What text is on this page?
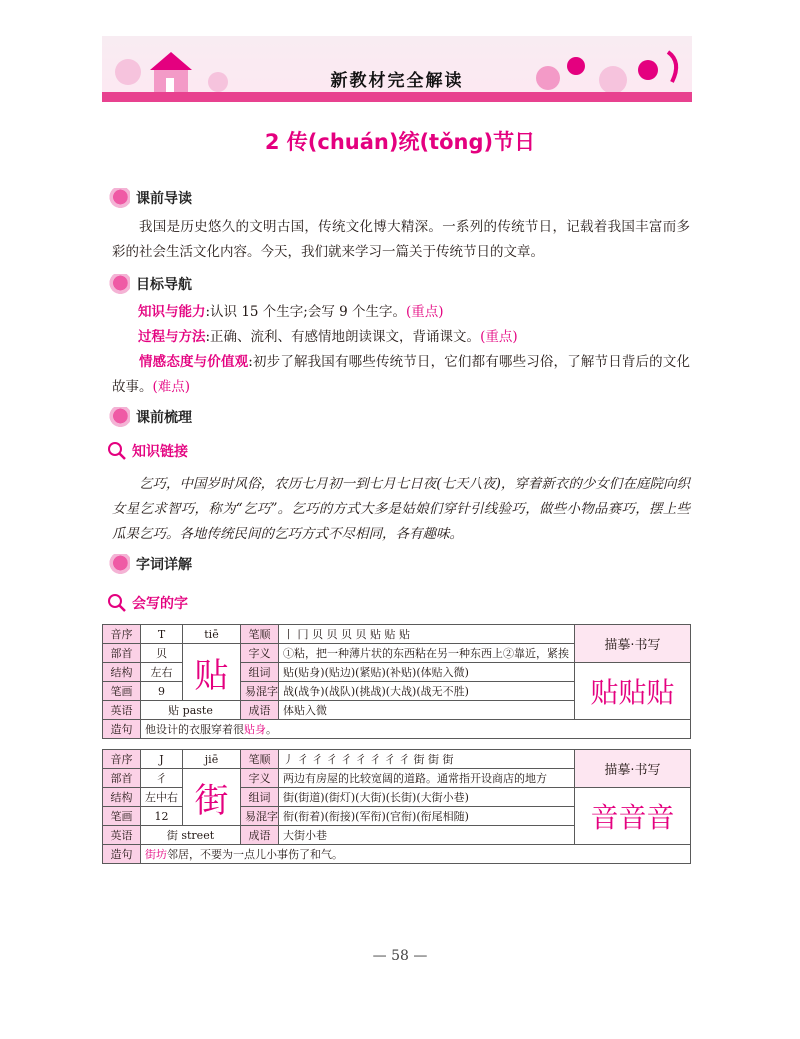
新教材完全解读
2 传(chuán)统(tǒng)节日
课前导读
我国是历史悠久的文明古国，传统文化博大精深。一系列的传统节日，记载着我国丰富而多彩的社会生活文化内容。今天，我们就来学习一篇关于传统节日的文章。
目标导航
知识与能力:认识 15 个生字;会写 9 个生字。(重点)
过程与方法:正确、流利、有感情地朗读课文，背诵课文。(重点)
情感态度与价值观:初步了解我国有哪些传统节日，它们都有哪些习俗，了解节日背后的文化故事。(难点)
课前梳理
知识链接
乞巧，中国岁时风俗，农历七月初一到七月七日夜(七天八夜)，穿着新衣的少女们在庭院向织女星乞求智巧，称为“乞巧”。乞巧的方式大多是姑娘们穿针引线验巧，做些小物品赛巧，摆上些瓜果乞巧。各地传统民间的乞巧方式不尽相同，各有趣味。
字词详解
会写的字
音序	T	tiē	笔顺	丨 冂 贝 贝 贝 贝 贴 贴 贴	描摹·书写
部首	贝	贴	字义	①粘，把一种薄片状的东西粘在另一种东西上②靠近，紧挨	
结构	左右		组词	贴(贴身)(贴边)(紧贴)(补贴)(体贴入微)	贴贴贴
笔画	9		易混字	战(战争)(战队)(挑战)(大战)(战无不胜)	
英语	贴 paste		成语	体贴入微	
造句	他设计的衣服穿着很贴身。				
音序	J	jiē	笔顺	丿 彳 彳 彳 彳 彳 彳 彳 彳 街 街 街	描摹·书写
部首	彳	街	字义	两边有房屋的比较宽阔的道路。通常指开设商店的地方	
结构	左中右		组词	街(街道)(街灯)(大街)(长街)(大街小巷)	音音音
笔画	12		易混字	衔(衔着)(衔接)(军衔)(官衔)(衔尾相随)	
英语	街 street		成语	大街小巷	
造句	街坊邻居，不要为一点儿小事伤了和气。				
— 58 —
